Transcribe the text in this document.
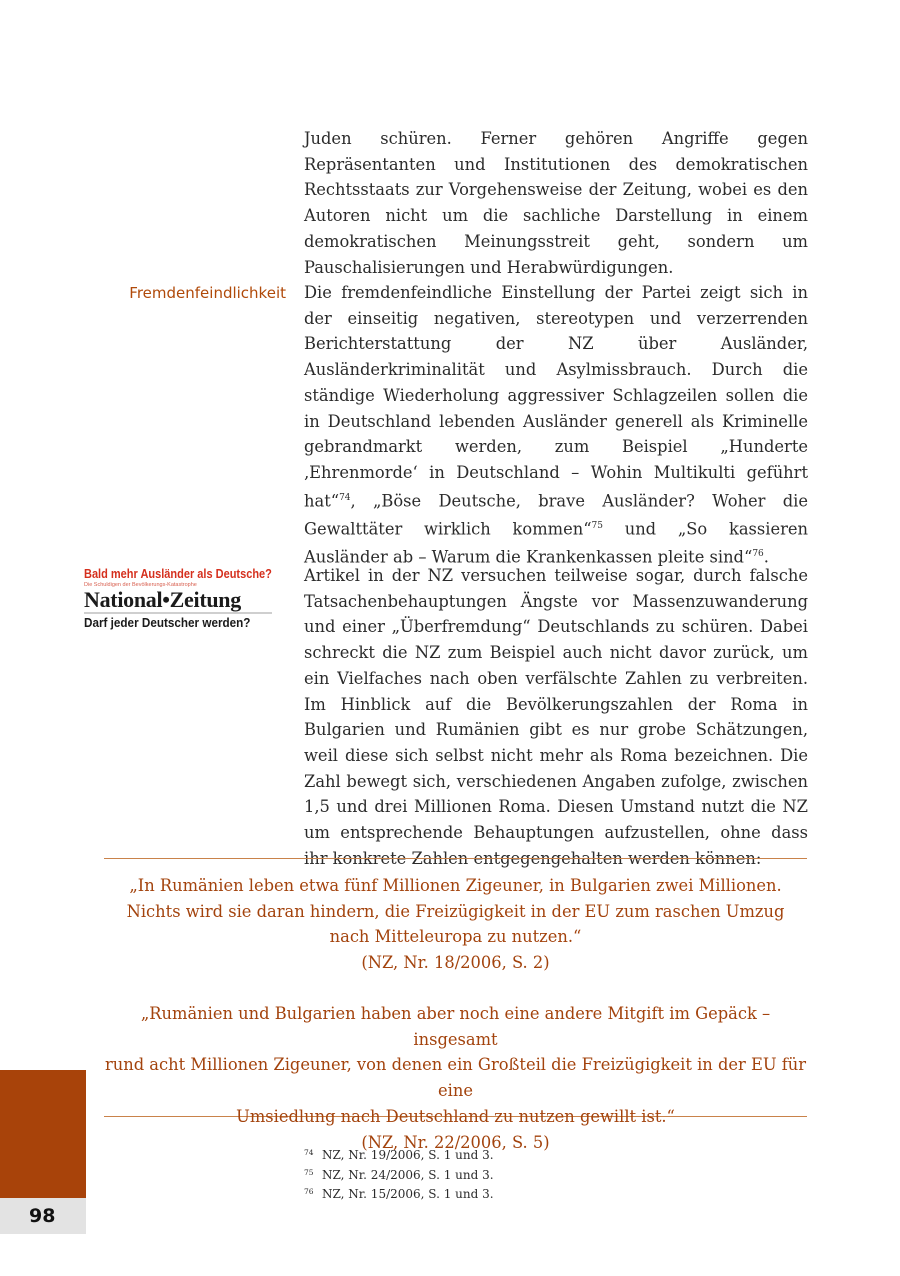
Juden schüren. Ferner gehören Angriffe gegen Repräsentanten und Institutionen des demokratischen Rechtsstaats zur Vorgehensweise der Zeitung, wobei es den Autoren nicht um die sachliche Darstellung in einem demokratischen Meinungsstreit geht, sondern um Pauschalisierungen und Herabwürdigungen.

Fremdenfeindlichkeit Die fremdenfeindliche Einstellung der Partei zeigt sich in der einseitig negativen, stereotypen und verzerrenden Berichterstattung der NZ über Ausländer, Ausländerkriminalität und Asylmissbrauch. Durch die ständige Wiederholung aggressiver Schlagzeilen sollen die in Deutschland lebenden Ausländer generell als Kriminelle gebrandmarkt werden, zum Beispiel „Hunderte ‚Ehrenmorde‘ in Deutschland – Wohin Multikulti geführt hat“$^{74}$, „Böse Deutsche, brave Ausländer? Woher die Gewalttäter wirklich kommen“$^{75}$ und „So kassieren Ausländer ab – Warum die Krankenkassen pleite sind“$^{76}$.

Bald mehr Ausländer als Deutsche?
Die Schuldigen der Bevölkerungs-Katastrophe
National•Zeitung
Darf jeder Deutscher werden?

Artikel in der NZ versuchen teilweise sogar, durch falsche Tatsachenbehauptungen Ängste vor Massenzuwanderung und einer „Überfremdung“ Deutschlands zu schüren. Dabei schreckt die NZ zum Beispiel auch nicht davor zurück, um ein Vielfaches nach oben verfälschte Zahlen zu verbreiten. Im Hinblick auf die Bevölkerungszahlen der Roma in Bulgarien und Rumänien gibt es nur grobe Schätzungen, weil diese sich selbst nicht mehr als Roma bezeichnen. Die Zahl bewegt sich, verschiedenen Angaben zufolge, zwischen 1,5 und drei Millionen Roma. Diesen Umstand nutzt die NZ um entsprechende Behauptungen aufzustellen, ohne dass ihr konkrete Zahlen entgegengehalten werden können:

„In Rumänien leben etwa fünf Millionen Zigeuner, in Bulgarien zwei Millionen.

Nichts wird sie daran hindern, die Freizügigkeit in der EU zum raschen Umzug

nach Mitteleuropa zu nutzen.“

(NZ, Nr. 18/2006, S. 2)

„Rumänien und Bulgarien haben aber noch eine andere Mitgift im Gepäck – insgesamt

rund acht Millionen Zigeuner, von denen ein Großteil die Freizügigkeit in der EU für eine

Umsiedlung nach Deutschland zu nutzen gewillt ist.“

(NZ, Nr. 22/2006, S. 5)

74 NZ, Nr. 19/2006, S. 1 und 3.
75 NZ, Nr. 24/2006, S. 1 und 3.
76 NZ, Nr. 15/2006, S. 1 und 3.
98
